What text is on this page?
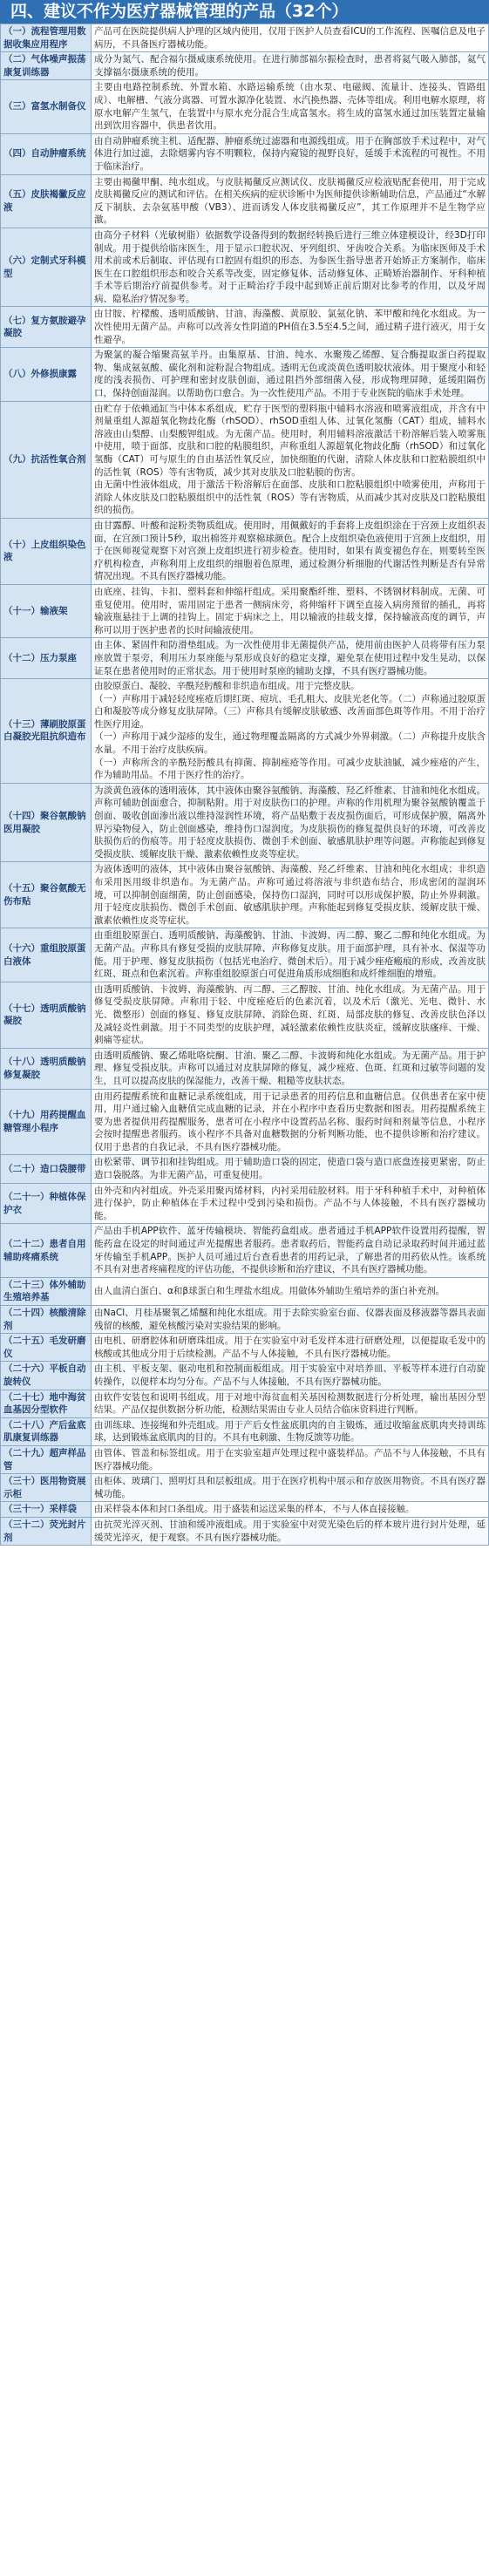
四、建议不作为医疗器械管理的产品（32个）
（一）流程管理用数据收集应用程序	产品可在医院提供病人护理的区域内使用，仅用于医护人员查看ICU的工作流程、医嘱信息及电子病历，不具备医疗器械功能。

（二）气体噪声振荡康复训练器	成分为氮气、配合福尔摄威康系统使用。在进行肺部福尔振检查时，患者将氦气吸入肺部，氦气支撑福尔摄康系统的使用。

（三）富氢水制备仪	主要由电路控制系统、外置水箱、水路运输系统（由水泵、电磁阀、流量计、连接头、管路组成）、电解槽、气液分离器、可置水源净化装置、水汽换热器、壳体等组成。利用电解水原理，将原水电解产生氢气，在装置中与原水充分混合生成富氢水。将生成的富氢水通过加压装置定量输出到饮用容器中，供患者饮用。

（四）自动肿瘤系统	由自动肿瘤系统主机、适配器、肿瘤系统过滤器和电源线组成。用于在胸部放手术过程中，对气体进行加过滤，去除烟雾内容不明颗粒，保持内窥镜的视野良好，延缓手术流程的可视性。不用于临床治疗。

（五）皮肤褐黴反应液	主要由褐黴甲酮、纯水组成。与皮肤褐黴反应测试仪、皮肤褐黴反应检液贴配套使用，用于完成皮肤褐黴反应的测试和评估。在相关疾病的症状诊断中为医师提供诊断辅助信息，产品通过“水解反下制肤、去杂氨基甲酸（VB3）、进而诱发人体皮肤褐黴反应”，其工作原理并不是生物学应激。

（六）定制式牙科模型	由高分子材料（光敏树脂）依据数学设备得到的数据经转换后进行三维立体建模设计，经3D打印制成。用于提供给临床医生，用于显示口腔状况、牙列组织、牙齿咬合关系。为临床医师及手术用术前或术后制取、评估现有口腔固有组织的形态、为参医生指导患者开始矫正方案制作，临床医生在口腔组织形态和咬合关系等改变，固定修复体、活动修复体、正畸矫治器制作、牙科种植手术等后期治疗前提供参考。对于正畸治疗手段中起到矫正前后期对比参考的作用，以及牙周病、隐私治疗情况参考。

（七）复方氨胺避孕凝胶	由甘胺、柠檬酸、透明质酸钠、甘油、海藻酸、黄原胶、氯氨化钠、苯甲酸和纯化水组成。为一次性使用无菌产品。声称可以改善女性阴道的PH值在3.5至4.5之间，通过精子进行液灭，用于女性避孕。

（八）外修损康露	为聚氯的凝合缩聚高氨羊丹。由集原基、甘油、纯水、水聚羧乙烯醇、复合酶提取蛋白药提取物、集成氨氨酸、碳化剂和淀粉混合物组成。透明无色或淡黄色透明胶状液体。用于聚度小和轻度的浅表损伤、可护理和密封皮肤创面，通过阻挡外部细菌入侵，形成物理屏障，延缓阻隔伤口，保持创面湿润。以帮助伤口愈合。为一次性使用产品。不用于专业医院的临床手术处理。

（九）抗活性氧合剂	由贮存于依赖通缸当中体本系组成，贮存于医型的塑料瓶中辅料水溶液和喷雾液组成，并含有中剂量重组人源超氧化物歧化酶（rhSOD）、rhSOD重组人体、过氧化氢酶（CAT）组成，辅料水溶液由山梨醇、山梨酸钾组成。为无菌产品。使用时，利用辅料溶液激活干粉溶解后装入喷雾瓶中使用，喷于面部、皮肤和口腔的粘膜组织，声称重组人源超氧化物歧化酶（rhSOD）和过氧化氢酶（CAT）可与原生的自由基活性氧反应，加快细胞的代谢，清除人体皮肤和口腔粘膜组织中的活性氧（ROS）等有害物质，减少其对皮肤及口腔粘膜的伤害。

由无菌中性液体组成，用于激活干粉溶解后在面部、皮肤和口腔粘膜组织中喷雾使用，声称用于消除人体皮肤及口腔粘膜组织中的活性氧（ROS）等有害物质，从而减少其对皮肤及口腔粘膜组织的损伤。

（十）上皮组织染色液	由甘露醇、叶酸和淀粉类物质组成。使用时，用佩戴好的手套将上皮组织涂在于宫颈上皮组织表面，在宫颈口预计5秒，取出棉签并观察棉球颜色。配合上皮组织染色液使用于宫颈上皮组织，用于在医师视觉观察下对宫颈上皮组织进行初步检查。使用时，如果有黄变褪色存在，则要转至医疗机构检查，声称利用上皮组织的细胞着色原理，通过检测分析细胞的代谢活性判断是否有异常情况出现。不具有医疗器械功能。

（十一）输液架	由底座、挂钩、卡扣、塑料套和伸缩杆组成。采用聚酯纤维、塑料、不锈钢材料制成。无菌、可重复使用。使用时，需用固定于患者一侧病床旁，将伸缩杆下调至直接入病房预留的插孔，再将输液瓶悬挂于上调的挂钩上。固定于病床之上，用以输液的挂载支撑，保持输液高度的调节，声称可以用于医护患者的长时间输液使用。

（十二）压力泵座	由主体、紧固件和防滑垫组成。为一次性使用非无菌提供产品，使用前由医护人员将带有压力泵座放置于泵旁，利用压力泵座能与泵形成良好的稳定支撑，避免泵在使用过程中发生晃动，以保证泵在患者使用时的正常状态。用于使用时泵座的辅助支撑，不具有医疗器械功能。

（十三）薄刷胶原蛋白凝胶光阻抗织造布	由胶原蛋白、凝胶、辛酰羟肟酸和非织造布组成。用于完整皮肤。

（一）声称用于减轻轻度痤疮后期红斑、痘坑、毛孔粗大、皮肤光老化等。（二）声称通过胶原蛋白和凝胶等成分修复皮肤屏障。（三）声称具有缓解皮肤敏感、改善面部色斑等作用。不用于治疗性医疗用途。

（一）声称用于减少湿疹的发生，通过物理覆盖隔离的方式减少外界刺激。（二）声称提升皮肤含水量。不用于治疗皮肤疾病。

（一）声称所含的辛酰羟肟酸具有抑菌、抑制痤疮等作用。可减少皮肤油腻，减少痤疮的产生，作为辅助用品。不用于医疗性的治疗。

（十四）聚谷氨酸钠医用凝胶	为淡黄色液体的透明液体，其中液体由聚谷氨酸钠、海藻酸、羟乙纤维素、甘油和纯化水组成。声称可辅助创面愈合，抑制粘附。用于对皮肤伤口的护理。声称的作用机理为聚谷氨酸钠覆盖于创面、吸收创面渗出液以维持湿润性环境，将产品贴敷于表皮损伤面后，可形成保护膜，隔离外界污染物侵入，防止创面感染，维持伤口湿润度。为皮肤损伤的修复提供良好的环境，可改善皮肤损伤后的伤痕等。用于轻度皮肤损伤、微创手术创面、敏感肌肤护理等问题。声称能起到修复受损皮肤、缓解皮肤干燥、激素依赖性皮炎等症状。

（十五）聚谷氨酸无伤布贴	为液体透明的液体，其中液体由聚谷氨酸钠、海藻酸、羟乙纤维素、甘油和纯化水组成；非织造布采用医用级非织造布。为无菌产品。声称可通过将溶液与非织造布结合，形成密闭的湿润环境，可以抑制创面细菌，防止创面感染，保持伤口湿润，同时可以形成保护膜，防止外界刺激。用于轻度皮肤损伤、微创手术创面、敏感肌肤护理。声称能起到修复受损皮肤、缓解皮肤干燥、激素依赖性皮炎等症状。

（十六）重组胶原蛋白液体	由重组胶原蛋白、透明质酸钠、海藻酸钠、甘油、卡波姆、丙二醇、聚乙二醇和纯化水组成。为无菌产品。声称具有修复受损的皮肤屏障、声称修复皮肤。用于面部护理，具有补水、保湿等功能。用于护理、修复皮肤损伤（包括光电治疗、微创术后）。用于减少痤疮瘢痕的形成，改善皮肤红斑、斑点和色素沉着。声称重组胶原蛋白可促进角质形成细胞和成纤维细胞的增殖。

（十七）透明质酸钠凝胶	由透明质酸钠、卡波姆、海藻酸钠、丙二醇、三乙醇胺、甘油、纯化水组成。为无菌产品。用于修复受损皮肤屏障。声称用于轻、中度痤疮后的色素沉着，以及术后（激光、光电、微针、水光、微整形）创面的修复、修复皮肤屏障、消除色斑、红斑、局部皮肤的修复、改善皮肤色泽以及减轻炎性刺激。用于不同类型的皮肤护理，减轻激素依赖性皮肤炎症，缓解皮肤瘙痒、干燥、刺痛等症状。

（十八）透明质酸钠修复凝胶	由透明质酸钠、聚乙烯吡咯烷酮、甘油、聚乙二醇、卡波姆和纯化水组成。为无菌产品。用于护理、修复受损皮肤。声称可以通过对皮肤屏障的修复，减少痤疮、色斑、红斑和过敏等问题的发生，且可以提高皮肤的保湿能力，改善干燥、粗糙等皮肤状态。

（十九）用药提醒血糖管理小程序	由用药提醒系统和血糖记录系统组成，用于记录患者的用药信息和血糖信息。仅供患者在家中使用，用户通过输入血糖值完成血糖的记录，并在小程序中查看历史数据和图表。用药提醒系统主要为患者提供用药提醒服务，患者可在小程序中设置药品名称、服药时间和剂量等信息，小程序会按时提醒患者服药。该小程序不具备对血糖数据的分析判断功能，也不提供诊断和治疗建议。仅用于患者的自我记录，不具有医疗器械功能。

（二十）造口袋腰带	由松紧带、调节扣和挂钩组成。用于辅助造口袋的固定，使造口袋与造口底盘连接更紧密，防止造口袋脱落。为非无菌产品，可重复使用。

（二十一）种植体保护衣	由外壳和内衬组成。外壳采用聚丙烯材料，内衬采用硅胶材料。用于牙科种植手术中，对种植体进行保护，防止种植体在手术过程中受到污染和损伤。产品不与人体接触，不具有医疗器械功能。

（二十二）患者自用辅助疼痛系统	产品由手机APP软件、蓝牙传输模块、智能药盒组成。患者通过手机APP软件设置用药提醒，智能药盒在设定的时间通过声光提醒患者服药。患者取药后，智能药盒自动记录取药时间并通过蓝牙传输至手机APP。医护人员可通过后台查看患者的用药记录，了解患者的用药依从性。该系统不具有对患者疼痛程度的评估功能，不提供诊断和治疗建议，不具有医疗器械功能。

（二十三）体外辅助生殖培养基	由人血清白蛋白、α和β球蛋白和生理盐水组成。用做体外辅助生殖培养的蛋白补充剂。

（二十四）核酸清除剂	由NaCl、月桂基聚氧乙烯醚和纯化水组成。用于去除实验室台面、仪器表面及移液器等器具表面残留的核酸，避免核酸污染对实验结果的影响。

（二十五）毛发研磨仪	由电机、研磨腔体和研磨珠组成。用于在实验室中对毛发样本进行研磨处理，以便提取毛发中的核酸或其他成分用于后续检测。产品不与人体接触，不具有医疗器械功能。

（二十六）平板自动旋转仪	由主机、平板支架、驱动电机和控制面板组成。用于实验室中对培养皿、平板等样本进行自动旋转操作，以便样本均匀分布。产品不与人体接触，不具有医疗器械功能。

（二十七）地中海贫血基因分型软件	由软件安装包和说明书组成。用于对地中海贫血相关基因检测数据进行分析处理，输出基因分型结果。产品仅提供数据分析功能，检测结果需由专业人员结合临床资料进行判断。

（二十八）产后盆底肌康复训练器	由训练球、连接绳和外壳组成。用于产后女性盆底肌肉的自主锻炼，通过收缩盆底肌肉夹持训练球，达到锻炼盆底肌肉的目的。不具有电刺激、生物反馈等功能。

（二十九）超声样品管	由管体、管盖和标签组成。用于在实验室超声处理过程中盛装样品。产品不与人体接触，不具有医疗器械功能。

（三十）医用物资展示柜	由柜体、玻璃门、照明灯具和层板组成。用于在医疗机构中展示和存放医用物资。不具有医疗器械功能。

（三十一）采样袋	由采样袋本体和封口条组成。用于盛装和运送采集的样本，不与人体直接接触。

（三十二）荧光封片剂	由抗荧光淬灭剂、甘油和缓冲液组成。用于实验室中对荧光染色后的样本玻片进行封片处理，延缓荧光淬灭，便于观察。不具有医疗器械功能。
